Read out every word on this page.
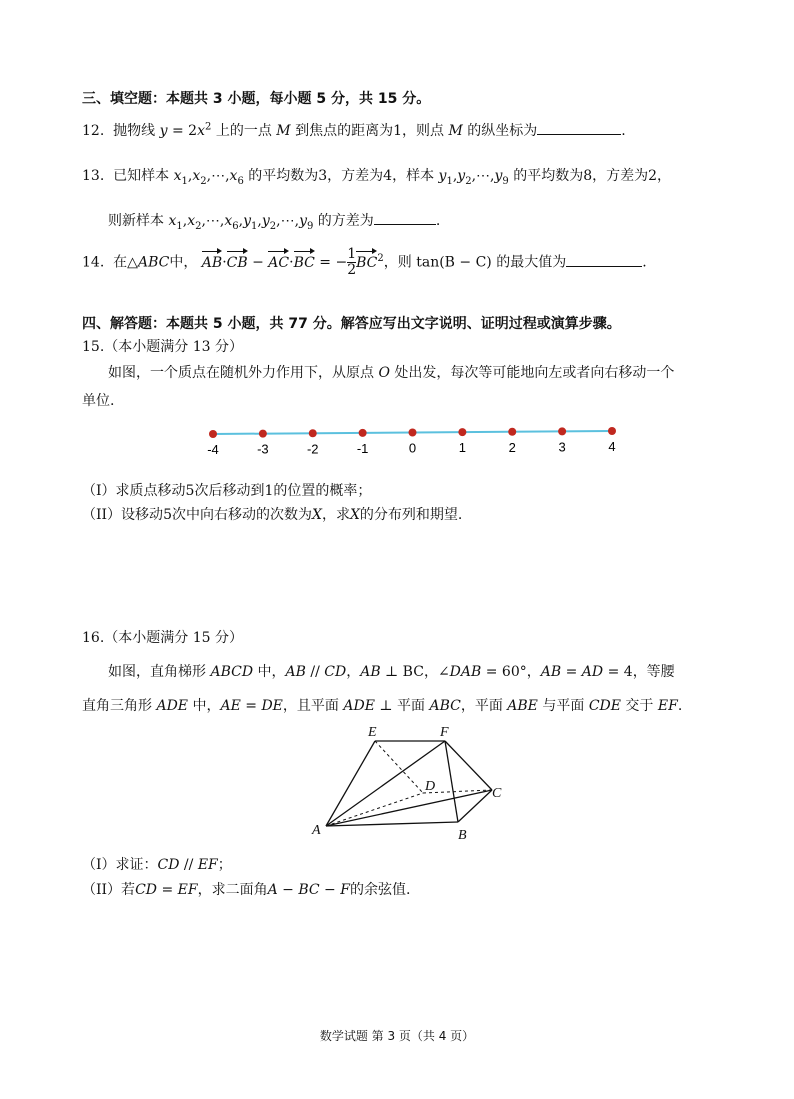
三、填空题：本题共 3 小题，每小题 5 分，共 15 分。
12. 抛物线 $y = 2x^2$ 上的一点 M 到焦点的距离为1，则点 M 的纵坐标为	.
13. 已知样本 $x_1,x_2,\cdots,x_6$ 的平均数为3，方差为4，样本 $y_1,y_2,\cdots,y_9$ 的平均数为8，方差为2，
则新样本 $x_1,x_2,\cdots,x_6,y_1,y_2,\cdots,y_9$ 的方差为	.
14. 在△ABC中， AB·CB − AC·BC = − $\frac{1}{2} BC^2$，则 tan(B − C) 的最大值为	.
四、解答题：本题共 5 小题，共 77 分。解答应写出文字说明、证明过程或演算步骤。
15.（本小题满分 13 分）
如图，一个质点在随机外力作用下，从原点 O 处出发，每次等可能地向左或者向右移动一个
单位.
-4	-3	-2	-1	0	1	2	3	4
（I）求质点移动5次后移动到1的位置的概率；
（II）设移动5次中向右移动的次数为X，求X的分布列和期望.
16.（本小题满分 15 分）
如图，直角梯形 ABCD 中，AB // CD，AB ⊥ BC，∠DAB = 60°，AB = AD = 4，等腰
直角三角形 ADE 中，AE = DE，且平面 ADE ⊥ 平面 ABC，平面 ABE 与平面 CDE 交于 EF.
E	F
D	C
A	B
（I）求证：CD // EF；
（II）若CD = EF，求二面角A − BC − F的余弦值.
数学试题 第 3 页（共 4 页）
